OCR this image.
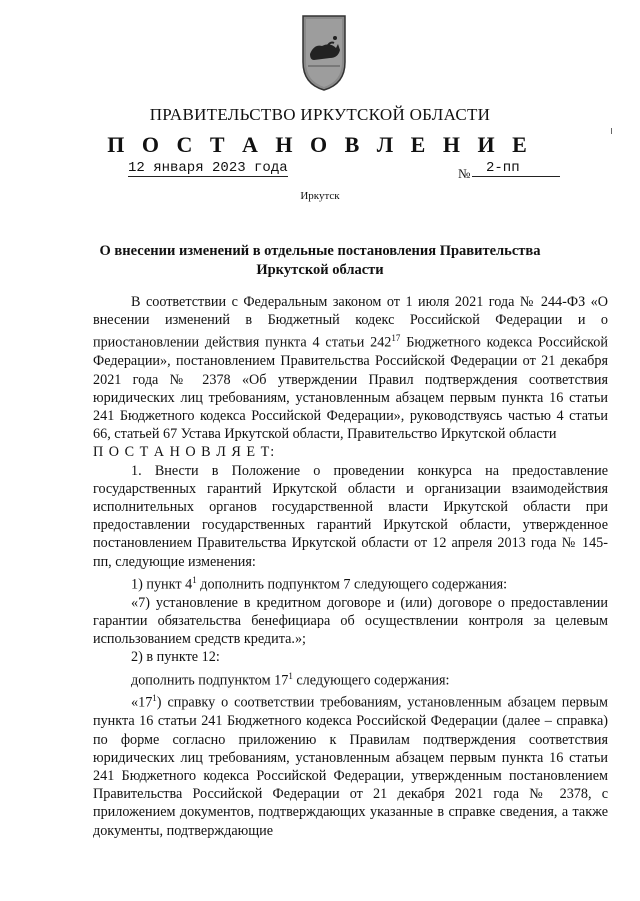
ПРАВИТЕЛЬСТВО ИРКУТСКОЙ ОБЛАСТИ
П О С Т А Н О В Л Е Н И Е
12 января 2023 года	№	2-пп
Иркутск
О внесении изменений в отдельные постановления Правительства
Иркутской области

В соответствии с Федеральным законом от 1 июля 2021 года № 244-ФЗ «О внесении изменений в Бюджетный кодекс Российской Федерации и о приостановлении действия пункта 4 статьи $242^{17}$ Бюджетного кодекса Российской Федерации», постановлением Правительства Российской Федерации от 21 декабря 2021 года № 2378 «Об утверждении Правил подтверждения соответствия юридических лиц требованиям, установленным абзацем первым пункта 16 статьи 241 Бюджетного кодекса Российской Федерации», руководствуясь частью 4 статьи 66, статьей 67 Устава Иркутской области, Правительство Иркутской области

П О С Т А Н О В Л Я Е Т:

1. Внести в Положение о проведении конкурса на предоставление государственных гарантий Иркутской области и организации взаимодействия исполнительных органов государственной власти Иркутской области при предоставлении государственных гарантий Иркутской области, утвержденное постановлением Правительства Иркутской области от 12 апреля 2013 года № 145-пп, следующие изменения:

1) пункт $4^1$ дополнить подпунктом 7 следующего содержания:

«7) установление в кредитном договоре и (или) договоре о предоставлении гарантии обязательства бенефициара об осуществлении контроля за целевым использованием средств кредита.»;

2) в пункте 12:

дополнить подпунктом $17^1$ следующего содержания:

«$17^1$) справку о соответствии требованиям, установленным абзацем первым пункта 16 статьи 241 Бюджетного кодекса Российской Федерации (далее – справка) по форме согласно приложению к Правилам подтверждения соответствия юридических лиц требованиям, установленным абзацем первым пункта 16 статьи 241 Бюджетного кодекса Российской Федерации, утвержденным постановлением Правительства Российской Федерации от 21 декабря 2021 года № 2378, с приложением документов, подтверждающих указанные в справке сведения, а также документы, подтверждающие
